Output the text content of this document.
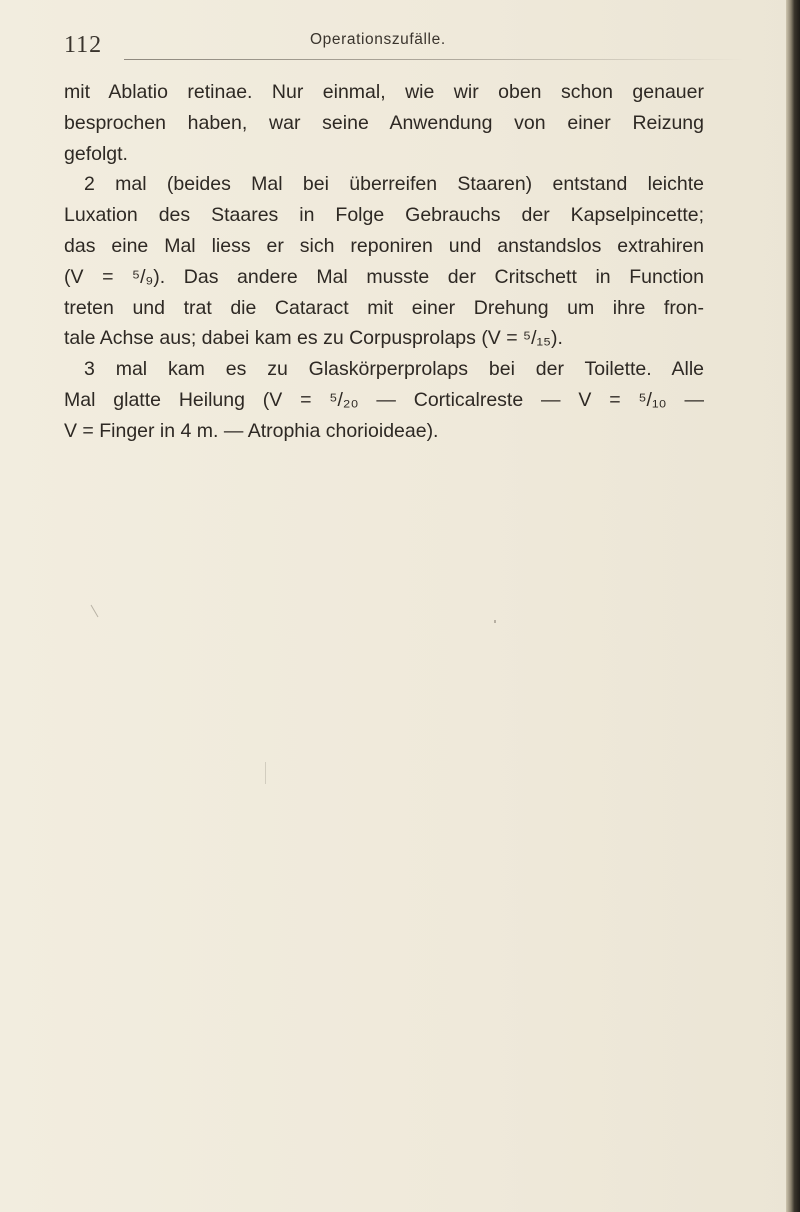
112	Operationszufälle.
mit Ablatio retinae. Nur einmal, wie wir oben schon genauer
besprochen haben, war seine Anwendung von einer Reizung
gefolgt.
2 mal (beides Mal bei überreifen Staaren) entstand leichte
Luxation des Staares in Folge Gebrauchs der Kapselpincette;
das eine Mal liess er sich reponiren und anstandslos extrahiren
(V = ⁵/₉). Das andere Mal musste der Critschett in Function
treten und trat die Cataract mit einer Drehung um ihre fron-
tale Achse aus; dabei kam es zu Corpusprolaps (V = ⁵/₁₅).
3 mal kam es zu Glaskörperprolaps bei der Toilette. Alle
Mal glatte Heilung (V = ⁵/₂₀ — Corticalreste — V = ⁵/₁₀ —
V = Finger in 4 m. — Atrophia chorioideae).
